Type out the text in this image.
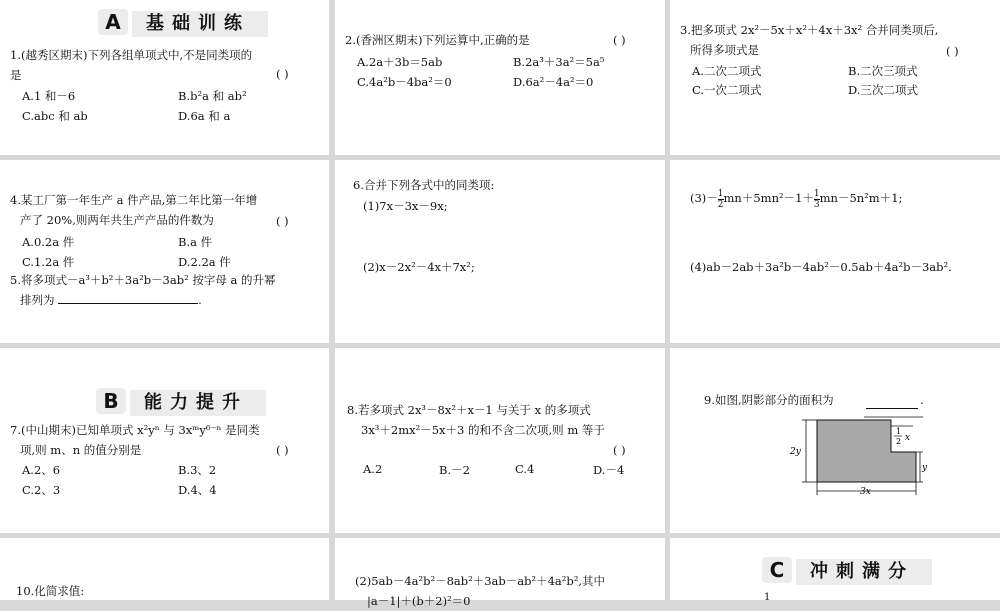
A 基础训练
1.(越秀区期末)下列各组单项式中,不是同类项的
是	( )
A.1 和－6	B.b²a 和 ab²
C.abc 和 ab	D.6a 和 a
2.(香洲区期末)下列运算中,正确的是	( )
A.2a＋3b＝5ab	B.2a³＋3a²＝5a⁵
C.4a²b－4ba²＝0	D.6a²－4a²＝0
3.把多项式 2x²－5x＋x²＋4x＋3x² 合并同类项后,
所得多项式是	( )
A.二次二项式	B.二次三项式
C.一次二项式	D.三次二项式
4.某工厂第一年生产 a 件产品,第二年比第一年增
产了 20%,则两年共生产产品的件数为	( )
A.0.2a 件	B.a 件
C.1.2a 件	D.2.2a 件
5.将多项式－a³＋b²＋3a²b－3ab² 按字母 a 的升幂
排列为	.
6.合并下列各式中的同类项:
(1)7x－3x－9x;
(2)x－2x²－4x＋7x²;
$(3)- \frac{1}{2} mn+5mn^2-1+ \frac{1}{3} mn-5n^2m+1$;
(4)ab－2ab＋3a²b－4ab²－0.5ab＋4a²b－3ab².
B 能力提升
7.(中山期末)已知单项式 x²yⁿ 与 3xᵐy⁶⁻ⁿ 是同类
项,则 m、n 的值分别是	( )
A.2、6	B.3、2
C.2、3	D.4、4
8.若多项式 2x³－8x²＋x－1 与关于 x 的多项式
3x³＋2mx²－5x＋3 的和不含二次项,则 m 等于
( )
A.2	B.－2	C.4	D.－4
9.如图,阴影部分的面积为	.
2y
y
3x
1
2 x
10.化简求值:
(2)5ab－4a²b²－8ab²＋3ab－ab²＋4a²b²,其中
|a－1|＋(b＋2)²＝0
C 冲刺满分
1
